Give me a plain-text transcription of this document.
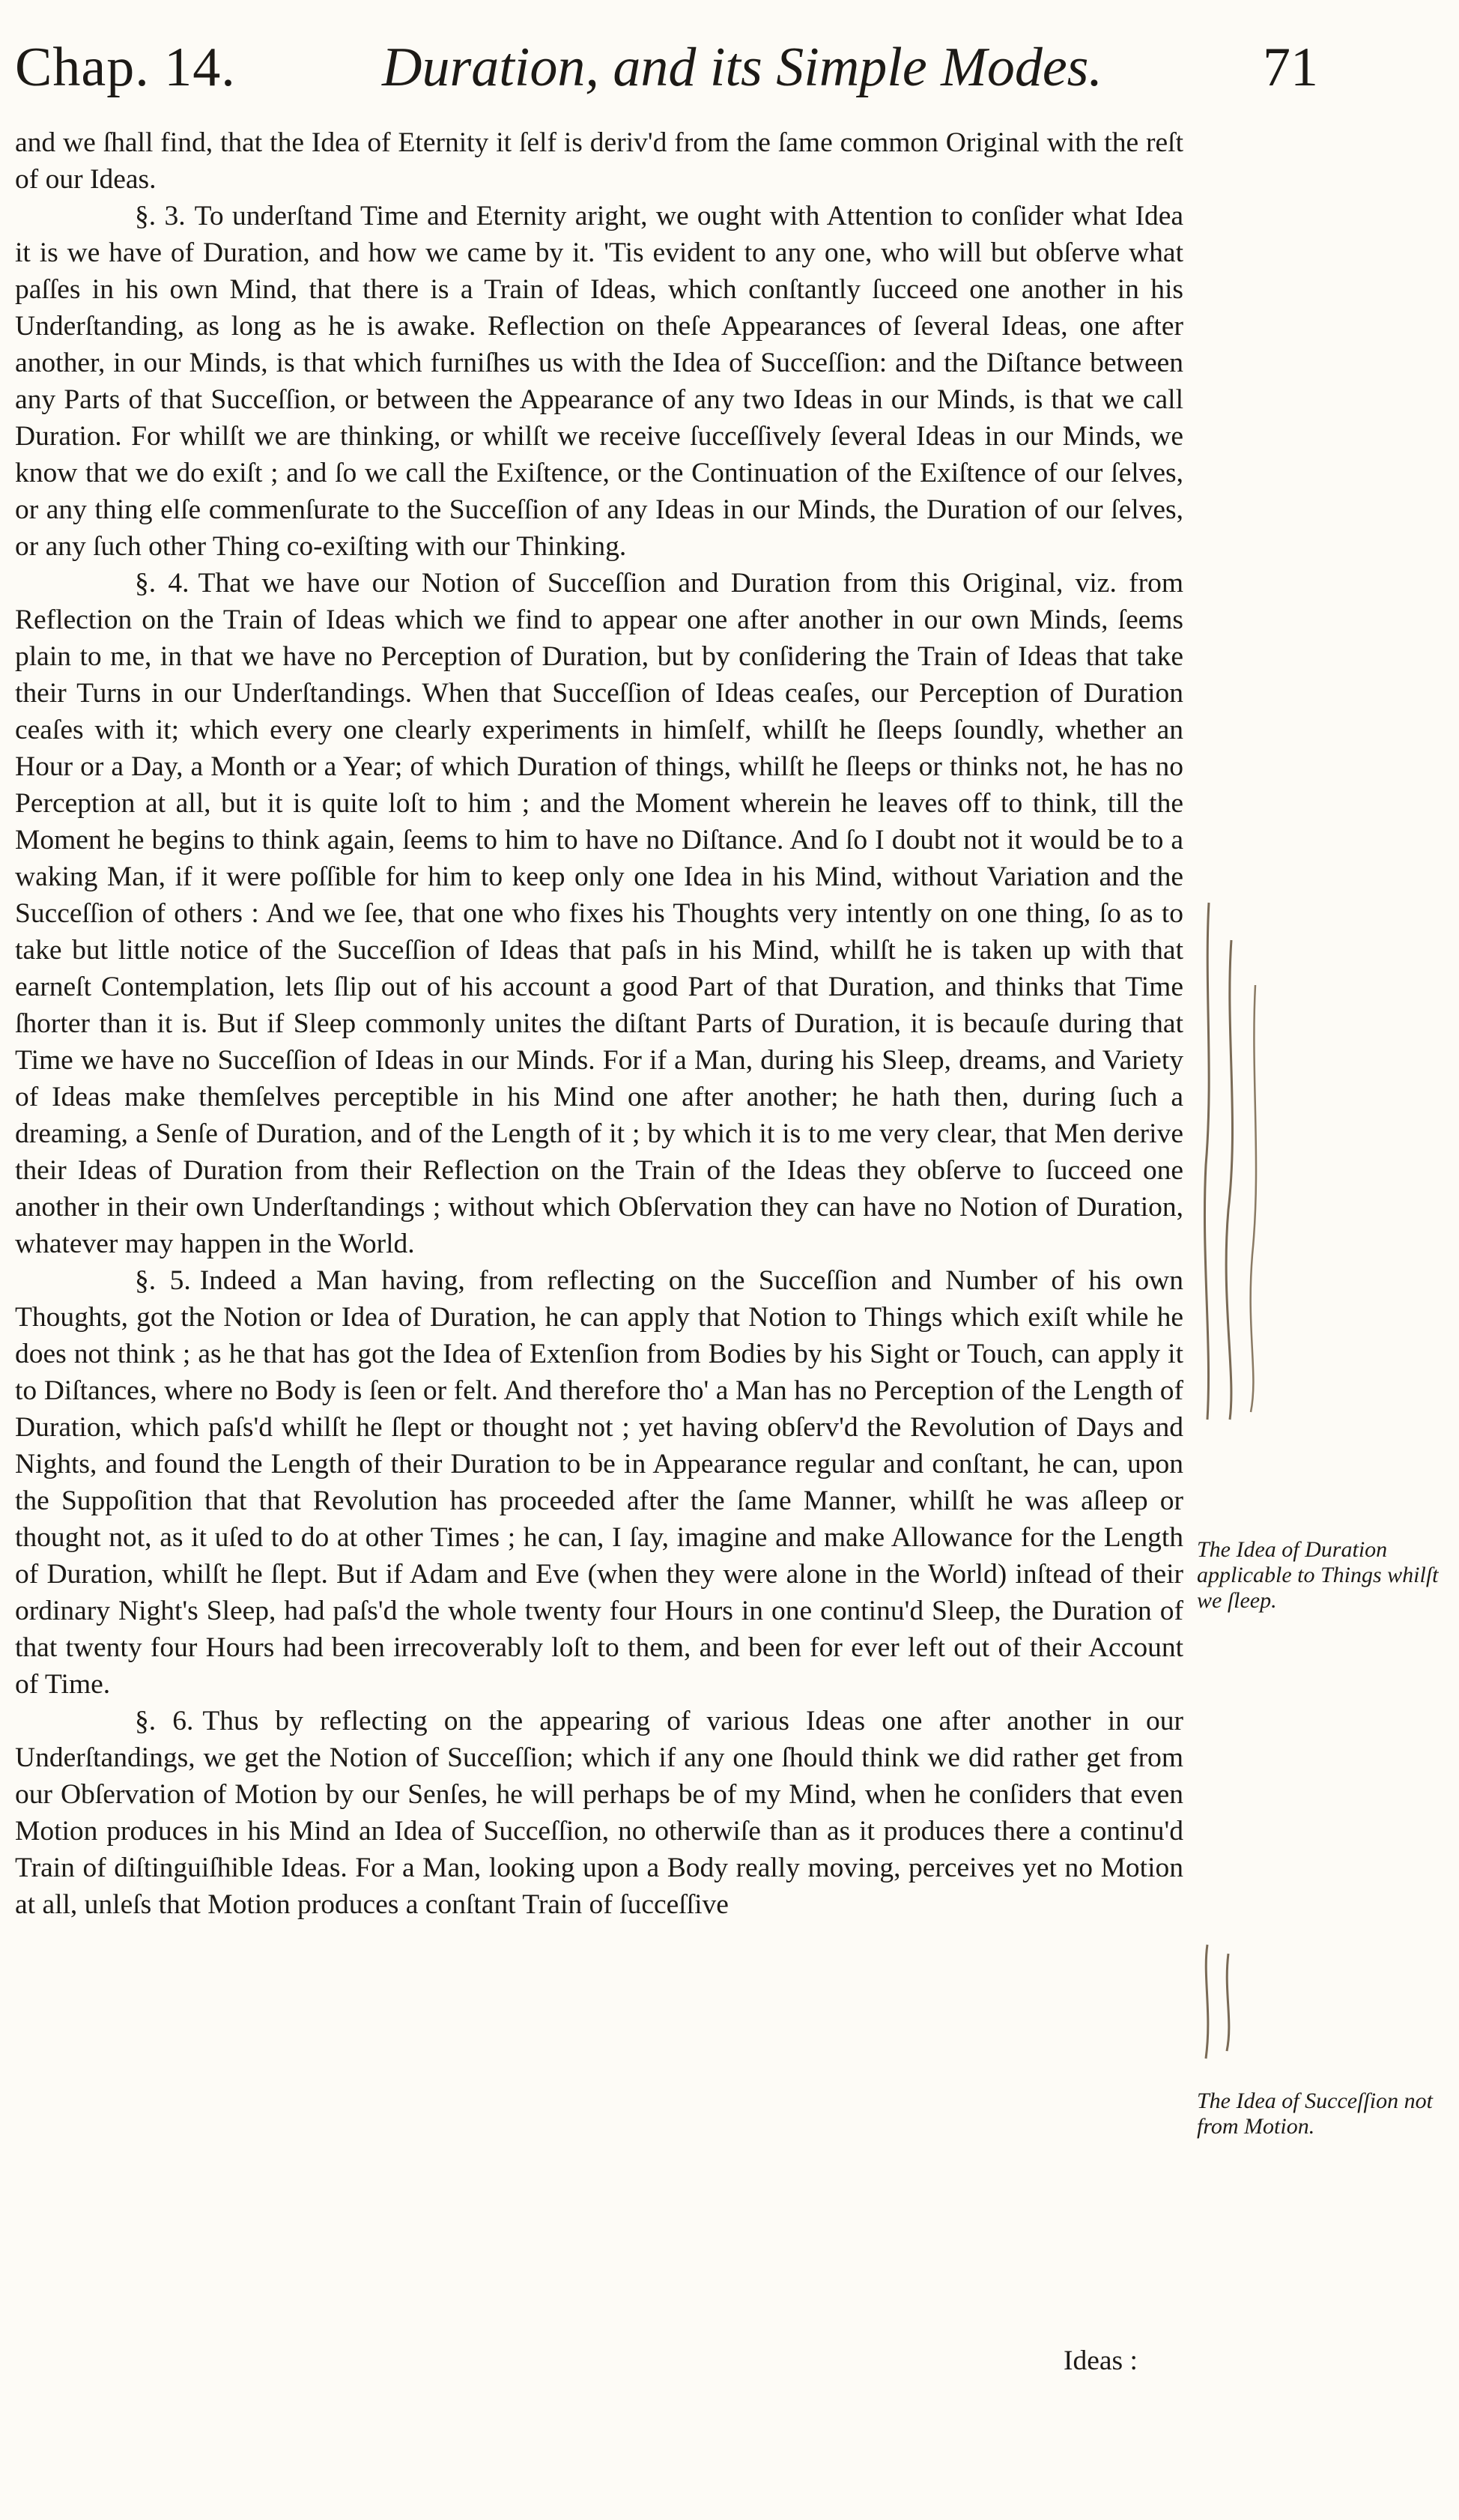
Chap. 14.	Duration, and its Simple Modes.	71

and we ſhall find, that the Idea of Eternity it ſelf is deriv'd from the ſame common Original with the reſt of our Ideas.

§. 3. To underſtand Time and Eternity aright, we ought with Attention to conſider what Idea it is we have of Duration, and how we came by it. 'Tis evident to any one, who will but obſerve what paſſes in his own Mind, that there is a Train of Ideas, which conſtantly ſucceed one another in his Underſtanding, as long as he is awake. Reflection on theſe Appearances of ſeveral Ideas, one after another, in our Minds, is that which furniſhes us with the Idea of Succeſſion: and the Diſtance between any Parts of that Succeſſion, or between the Appearance of any two Ideas in our Minds, is that we call Duration. For whilſt we are thinking, or whilſt we receive ſucceſſively ſeveral Ideas in our Minds, we know that we do exiſt ; and ſo we call the Exiſtence, or the Continuation of the Exiſtence of our ſelves, or any thing elſe commenſurate to the Succeſſion of any Ideas in our Minds, the Duration of our ſelves, or any ſuch other Thing co-exiſting with our Thinking.

§. 4. That we have our Notion of Succeſſion and Duration from this Original, viz. from Reflection on the Train of Ideas which we find to appear one after another in our own Minds, ſeems plain to me, in that we have no Perception of Duration, but by conſidering the Train of Ideas that take their Turns in our Underſtandings. When that Succeſſion of Ideas ceaſes, our Perception of Duration ceaſes with it; which every one clearly experiments in himſelf, whilſt he ſleeps ſoundly, whether an Hour or a Day, a Month or a Year; of which Duration of things, whilſt he ſleeps or thinks not, he has no Perception at all, but it is quite loſt to him ; and the Moment wherein he leaves off to think, till the Moment he begins to think again, ſeems to him to have no Diſtance. And ſo I doubt not it would be to a waking Man, if it were poſſible for him to keep only one Idea in his Mind, without Variation and the Succeſſion of others : And we ſee, that one who fixes his Thoughts very intently on one thing, ſo as to take but little notice of the Succeſſion of Ideas that paſs in his Mind, whilſt he is taken up with that earneſt Contemplation, lets ſlip out of his account a good Part of that Duration, and thinks that Time ſhorter than it is. But if Sleep commonly unites the diſtant Parts of Duration, it is becauſe during that Time we have no Succeſſion of Ideas in our Minds. For if a Man, during his Sleep, dreams, and Variety of Ideas make themſelves perceptible in his Mind one after another; he hath then, during ſuch a dreaming, a Senſe of Duration, and of the Length of it ; by which it is to me very clear, that Men derive their Ideas of Duration from their Reflection on the Train of the Ideas they obſerve to ſucceed one another in their own Underſtandings ; without which Obſervation they can have no Notion of Duration, whatever may happen in the World.

§. 5. Indeed a Man having, from reflecting on the Succeſſion and Number of his own Thoughts, got the Notion or Idea of Duration, he can apply that Notion to Things which exiſt while he does not think ; as he that has got the Idea of Extenſion from Bodies by his Sight or Touch, can apply it to Diſtances, where no Body is ſeen or felt. And therefore tho' a Man has no Perception of the Length of Duration, which paſs'd whilſt he ſlept or thought not ; yet having obſerv'd the Revolution of Days and Nights, and found the Length of their Duration to be in Appearance regular and conſtant, he can, upon the Suppoſition that that Revolution has proceeded after the ſame Manner, whilſt he was aſleep or thought not, as it uſed to do at other Times ; he can, I ſay, imagine and make Allowance for the Length of Duration, whilſt he ſlept. But if Adam and Eve (when they were alone in the World) inſtead of their ordinary Night's Sleep, had paſs'd the whole twenty four Hours in one continu'd Sleep, the Duration of that twenty four Hours had been irrecoverably loſt to them, and been for ever left out of their Account of Time.

§. 6. Thus by reflecting on the appearing of various Ideas one after another in our Underſtandings, we get the Notion of Succeſſion; which if any one ſhould think we did rather get from our Obſervation of Motion by our Senſes, he will perhaps be of my Mind, when he conſiders that even Motion produces in his Mind an Idea of Succeſſion, no otherwiſe than as it produces there a continu'd Train of diſtinguiſhible Ideas. For a Man, looking upon a Body really moving, perceives yet no Motion at all, unleſs that Motion produces a conſtant Train of ſucceſſive

The Idea of Duration applicable to Things whilſt we ſleep.
The Idea of Succeſſion not from Motion.
Ideas :
